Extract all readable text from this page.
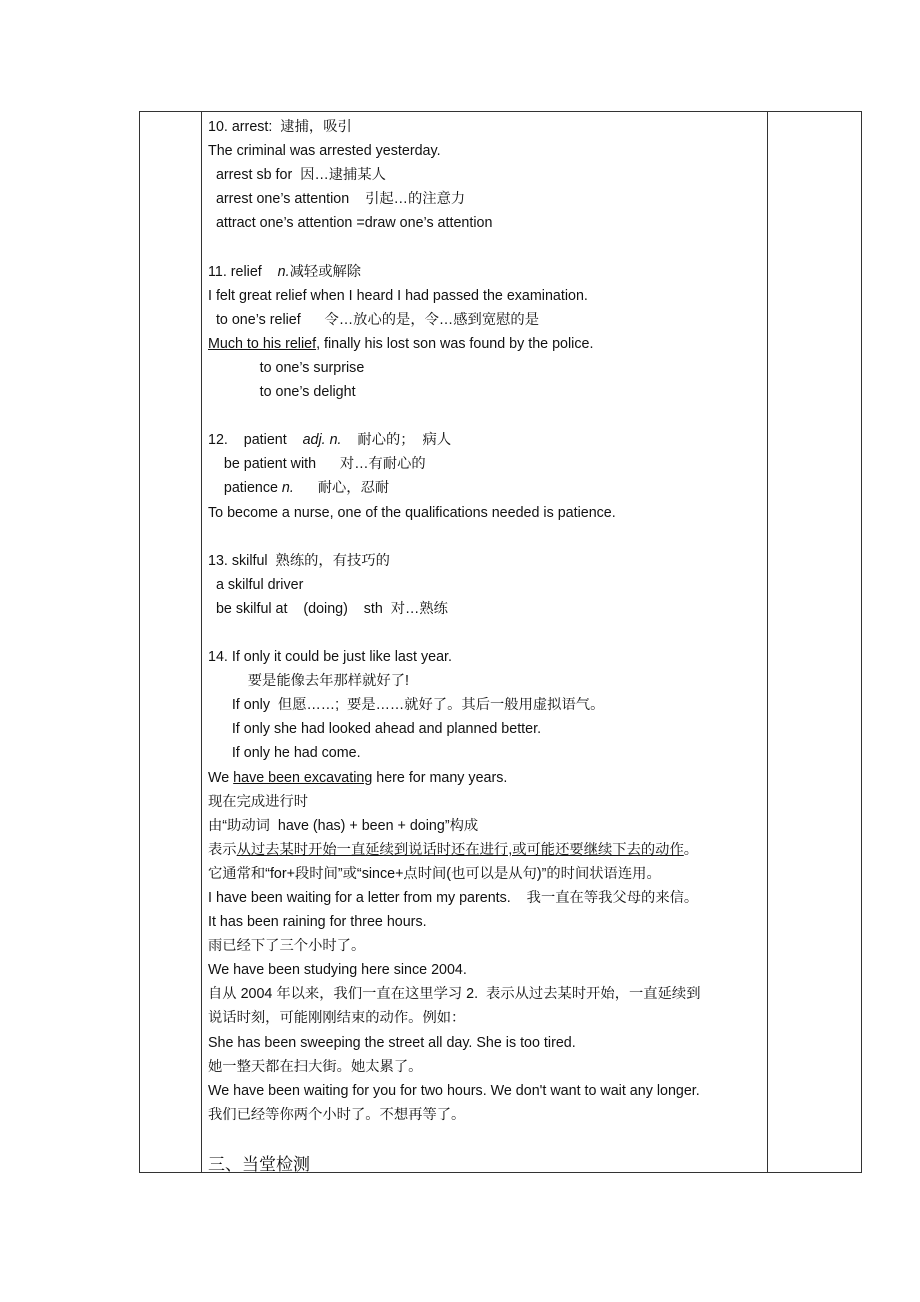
10. arrest:  逮捕，吸引
The criminal was arrested yesterday.
arrest sb for  因…逮捕某人
arrest one’s attention    引起…的注意力
attract one’s attention =draw one’s attention
11. relief    n.减轻或解除
I felt great relief when I heard I had passed the examination.
to one’s relief      令…放心的是，令…感到宽慰的是
Much to his relief, finally his lost son was found by the police.
to one’s surprise
to one’s delight
12.    patient    adj. n.    耐心的；  病人
be patient with      对…有耐心的
patience n.      耐心，忍耐
To become a nurse, one of the qualifications needed is patience.
13. skilful  熟练的，有技巧的
a skilful driver
be skilful at    (doing)    sth  对…熟练
14. If only it could be just like last year.
要是能像去年那样就好了!
If only  但愿……;  要是……就好了。其后一般用虚拟语气。
If only she had looked ahead and planned better.
If only he had come.
We have been excavating here for many years.
现在完成进行时
由“助动词  have (has) + been + doing”构成
表示从过去某时开始一直延续到说话时还在进行,或可能还要继续下去的动作。
它通常和“for+段时间”或“since+点时间(也可以是从句)”的时间状语连用。
I have been waiting for a letter from my parents.    我一直在等我父母的来信。
It has been raining for three hours.
雨已经下了三个小时了。
We have been studying here since 2004.
自从 2004 年以来，我们一直在这里学习 2.  表示从过去某时开始，一直延续到
说话时刻，可能刚刚结束的动作。例如：
She has been sweeping the street all day. She is too tired.
她一整天都在扫大街。她太累了。
We have been waiting for you for two hours. We don't want to wait any longer.
我们已经等你两个小时了。不想再等了。
三、当堂检测
